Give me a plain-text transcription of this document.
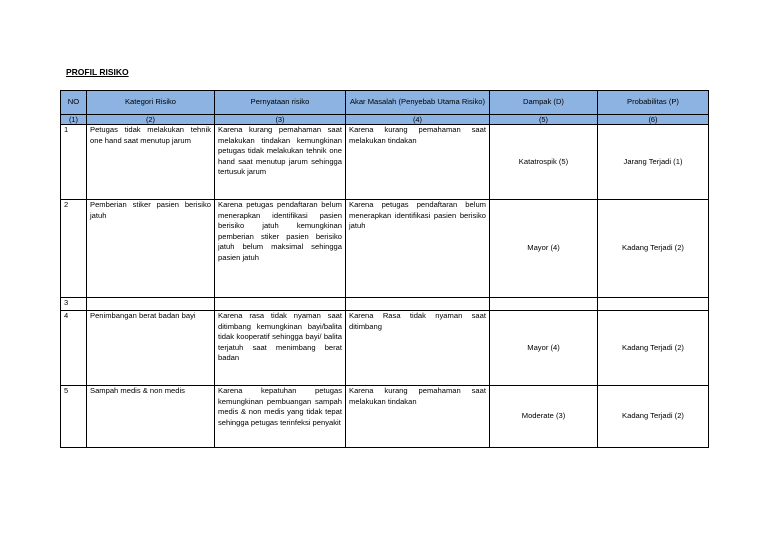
PROFIL RISIKO
NO	Kategori Risiko	Pernyataan risiko	Akar Masalah (Penyebab Utama Risiko)	Dampak (D)	Probabilitas (P)
(1)	(2)	(3)	(4)	(5)	(6)
1	Petugas tidak melakukan tehnik one hand saat menutup jarum	Karena kurang pemahaman saat melakukan tindakan kemungkinan petugas tidak melakukan tehnik one hand saat menutup jarum sehingga tertusuk jarum	Karena kurang pemahaman saat melakukan tindakan	Katatrospik (5)	Jarang Terjadi (1)
2	Pemberian stiker pasien berisiko jatuh	Karena petugas pendaftaran belum menerapkan identifikasi pasien berisiko jatuh kemungkinan pemberian stiker pasien berisiko jatuh belum maksimal sehingga pasien jatuh	Karena petugas pendaftaran belum menerapkan identifikasi pasien berisiko jatuh	Mayor (4)	Kadang Terjadi (2)
3					
4	Penimbangan berat badan bayi	Karena rasa tidak nyaman saat ditimbang kemungkinan bayi/balita tidak kooperatif sehingga bayi/ balita terjatuh saat menimbang berat badan	Karena Rasa tidak nyaman saat ditimbang	Mayor (4)	Kadang Terjadi (2)
5	Sampah medis & non medis	Karena kepatuhan petugas kemungkinan pembuangan sampah medis & non medis yang tidak tepat sehingga petugas terinfeksi penyakit	Karena kurang pemahaman saat melakukan tindakan	Moderate (3)	Kadang Terjadi (2)
